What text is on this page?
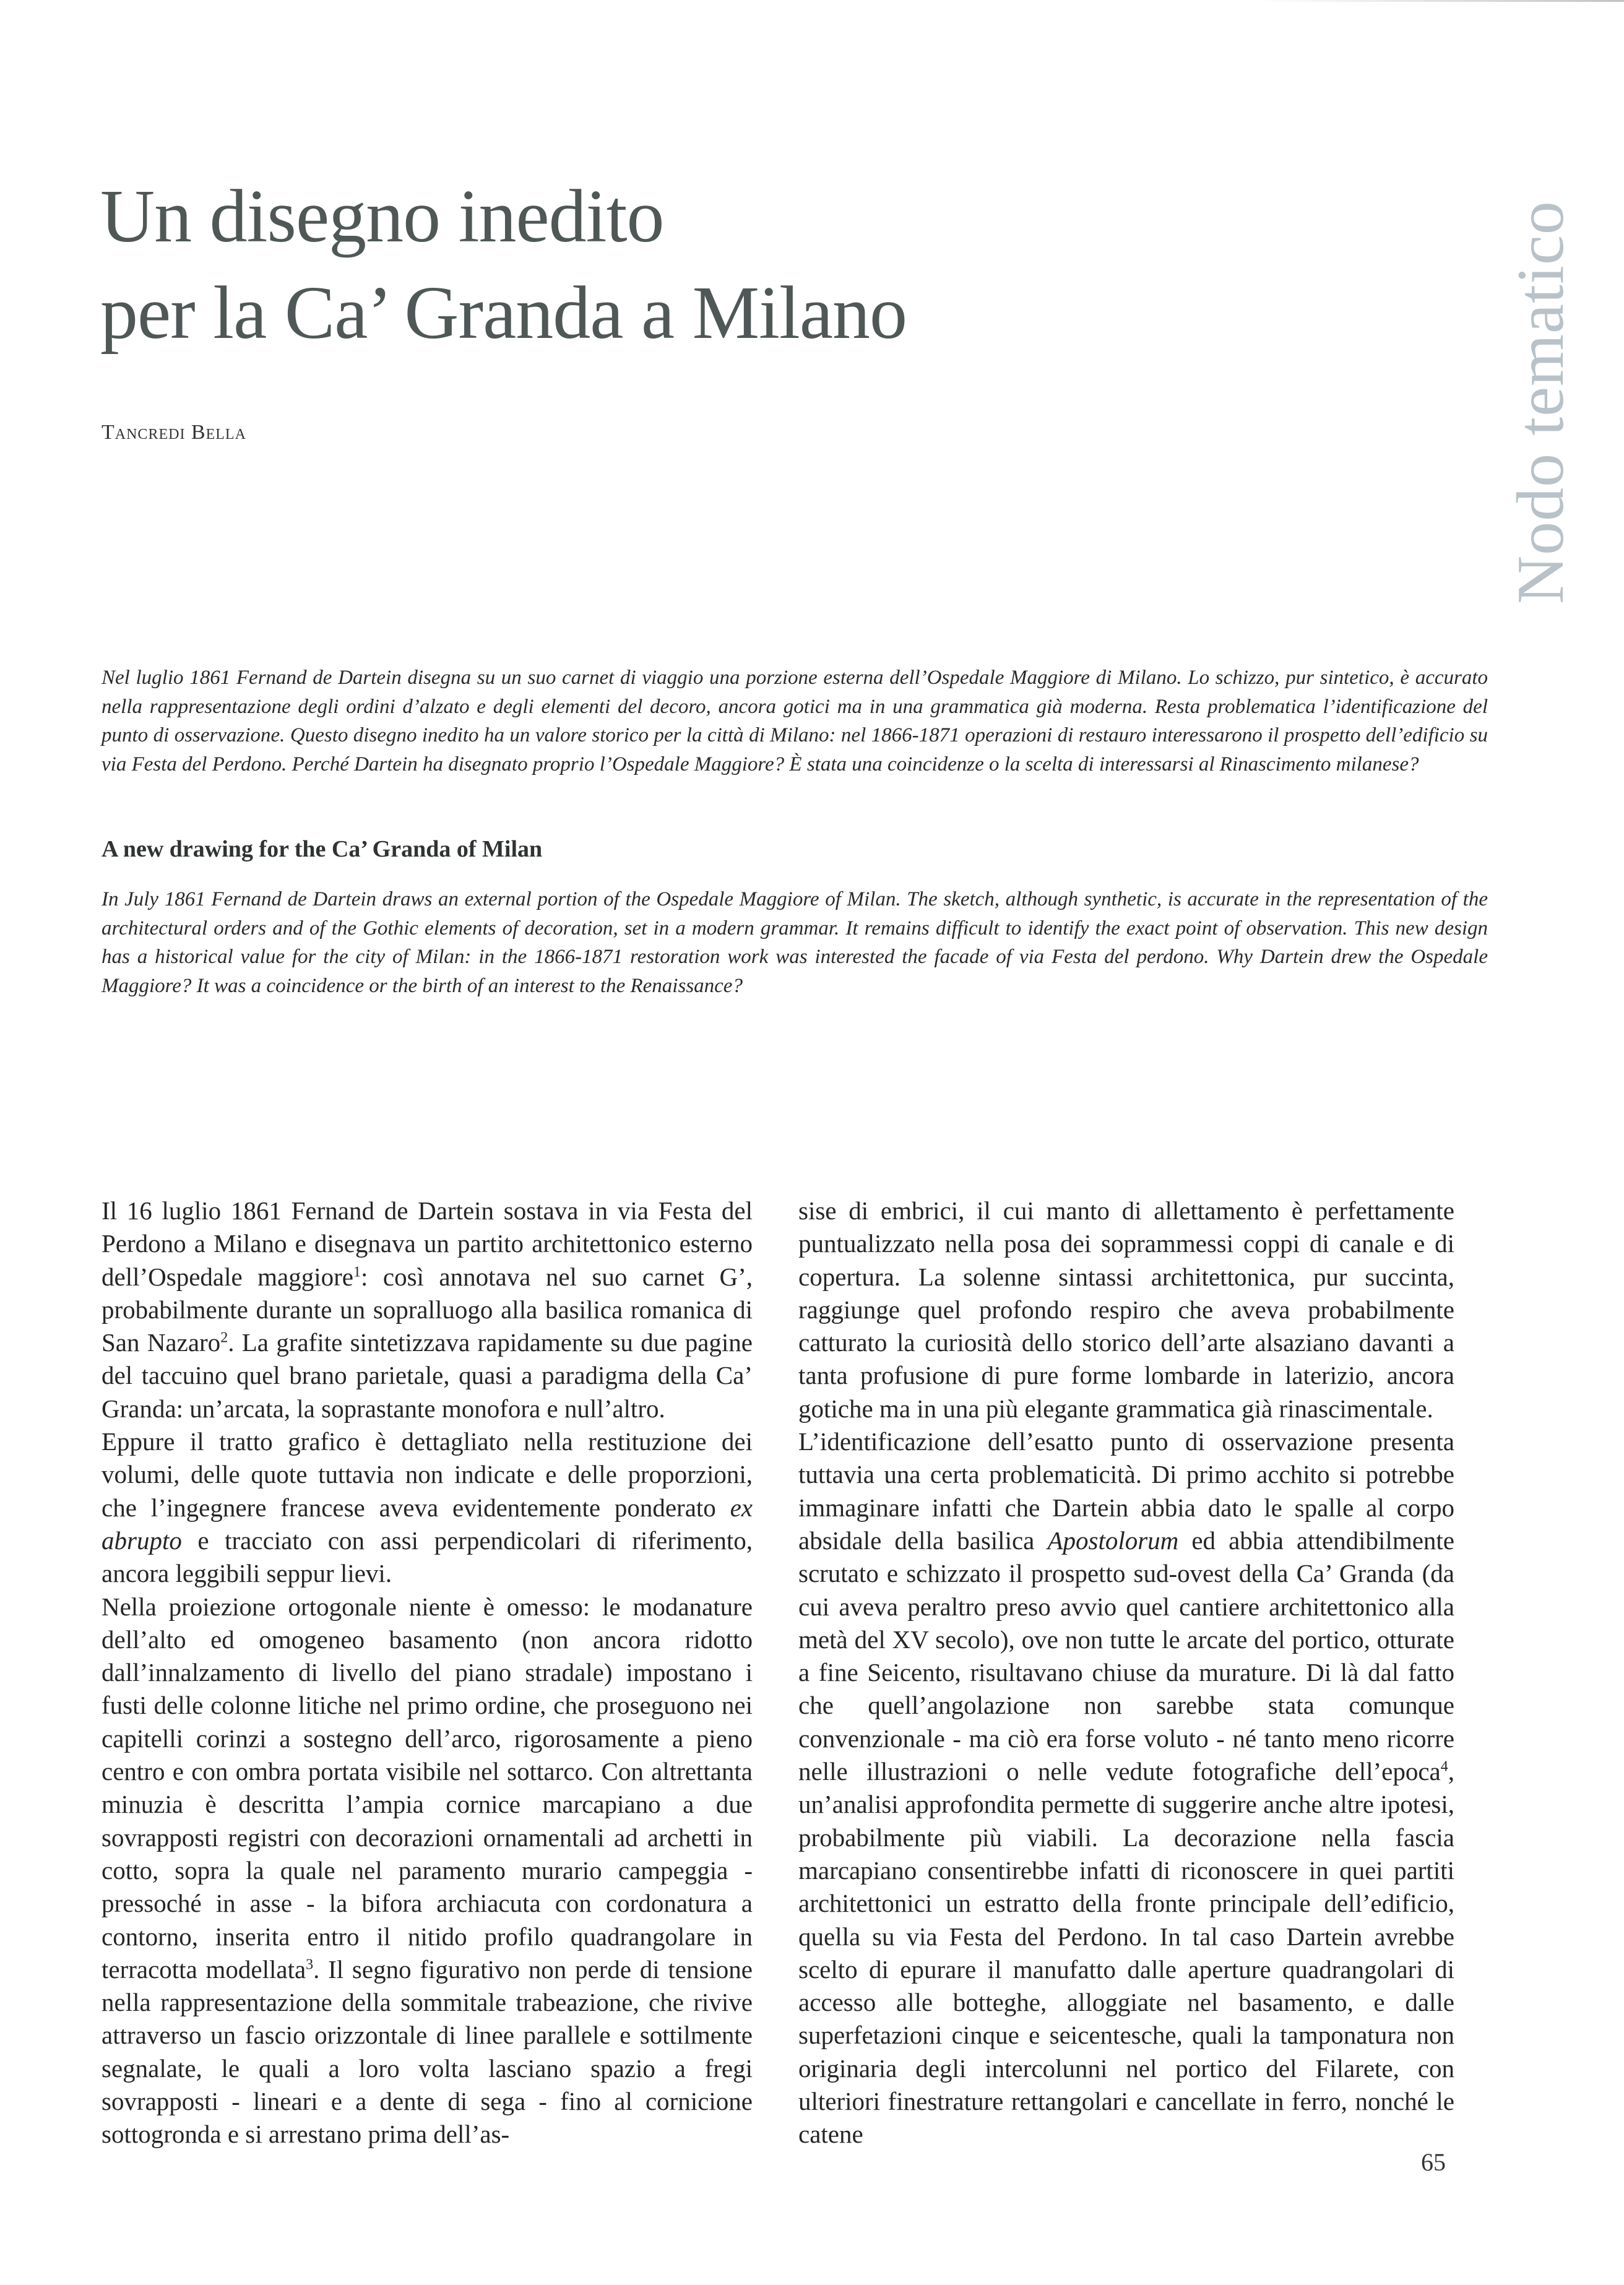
Un disegno inedito
per la Ca’ Granda a Milano
Tancredi Bella	Nodo tematico

Nel luglio 1861 Fernand de Dartein disegna su un suo carnet di viaggio una porzione esterna dell’Ospedale Maggiore di Milano. Lo schizzo, pur sintetico, è accurato nella rappresentazione degli ordini d’alzato e degli elementi del decoro, ancora gotici ma in una grammatica già moderna. Resta problematica l’identificazione del punto di osservazione. Questo disegno inedito ha un valore storico per la città di Milano: nel 1866-1871 operazioni di restauro interessarono il prospetto dell’edificio su via Festa del Perdono. Perché Dartein ha disegnato proprio l’Ospedale Maggiore? È stata una coincidenze o la scelta di interessarsi al Rinascimento milanese?

A new drawing for the Ca’ Granda of Milan

In July 1861 Fernand de Dartein draws an external portion of the Ospedale Maggiore of Milan. The sketch, although synthetic, is accurate in the representation of the architectural orders and of the Gothic elements of decoration, set in a modern grammar. It remains difficult to identify the exact point of observation. This new design has a historical value for the city of Milan: in the 1866-1871 restoration work was interested the facade of via Festa del perdono. Why Dartein drew the Ospedale Maggiore? It was a coincidence or the birth of an interest to the Renaissance?

Il 16 luglio 1861 Fernand de Dartein sostava in via Festa del Perdono a Milano e disegnava un partito architettonico esterno dell’Ospedale maggiore$^1$: così annotava nel suo carnet G’, probabilmente durante un sopralluogo alla basilica romanica di San Nazaro$^2$. La grafite sintetizzava rapidamente su due pagine del taccuino quel brano parietale, quasi a paradigma della Ca’ Granda: un’arcata, la soprastante monofora e null’altro.

Eppure il tratto grafico è dettagliato nella restituzione dei volumi, delle quote tuttavia non indicate e delle proporzioni, che l’ingegnere francese aveva evidentemente ponderato ex abrupto e tracciato con assi perpendicolari di riferimento, ancora leggibili seppur lievi.

Nella proiezione ortogonale niente è omesso: le modanature dell’alto ed omogeneo basamento (non ancora ridotto dall’innalzamento di livello del piano stradale) impostano i fusti delle colonne litiche nel primo ordine, che proseguono nei capitelli corinzi a sostegno dell’arco, rigorosamente a pieno centro e con ombra portata visibile nel sottarco. Con altrettanta minuzia è descritta l’ampia cornice marcapiano a due sovrapposti registri con decorazioni ornamentali ad archetti in cotto, sopra la quale nel paramento murario campeggia - pressoché in asse - la bifora archiacuta con cordonatura a contorno, inserita entro il nitido profilo quadrangolare in terracotta modellata$^3$. Il segno figurativo non perde di tensione nella rappresentazione della sommitale trabeazione, che rivive attraverso un fascio orizzontale di linee parallele e sottilmente segnalate, le quali a loro volta lasciano spazio a fregi sovrapposti - lineari e a dente di sega - fino al cornicione sottogronda e si arrestano prima dell’as-

sise di embrici, il cui manto di allettamento è perfettamente puntualizzato nella posa dei soprammessi coppi di canale e di copertura. La solenne sintassi architettonica, pur succinta, raggiunge quel profondo respiro che aveva probabilmente catturato la curiosità dello storico dell’arte alsaziano davanti a tanta profusione di pure forme lombarde in laterizio, ancora gotiche ma in una più elegante grammatica già rinascimentale.

L’identificazione dell’esatto punto di osservazione presenta tuttavia una certa problematicità. Di primo acchito si potrebbe immaginare infatti che Dartein abbia dato le spalle al corpo absidale della basilica Apostolorum ed abbia attendibilmente scrutato e schizzato il prospetto sud-ovest della Ca’ Granda (da cui aveva peraltro preso avvio quel cantiere architettonico alla metà del XV secolo), ove non tutte le arcate del portico, otturate a fine Seicento, risultavano chiuse da murature. Di là dal fatto che quell’angolazione non sarebbe stata comunque convenzionale - ma ciò era forse voluto - né tanto meno ricorre nelle illustrazioni o nelle vedute fotografiche dell’epoca$^4$, un’analisi approfondita permette di suggerire anche altre ipotesi, probabilmente più viabili. La decorazione nella fascia marcapiano consentirebbe infatti di riconoscere in quei partiti architettonici un estratto della fronte principale dell’edificio, quella su via Festa del Perdono. In tal caso Dartein avrebbe scelto di epurare il manufatto dalle aperture quadrangolari di accesso alle botteghe, alloggiate nel basamento, e dalle superfetazioni cinque e seicentesche, quali la tamponatura non originaria degli intercolunni nel portico del Filarete, con ulteriori finestrature rettangolari e cancellate in ferro, nonché le catene

65
